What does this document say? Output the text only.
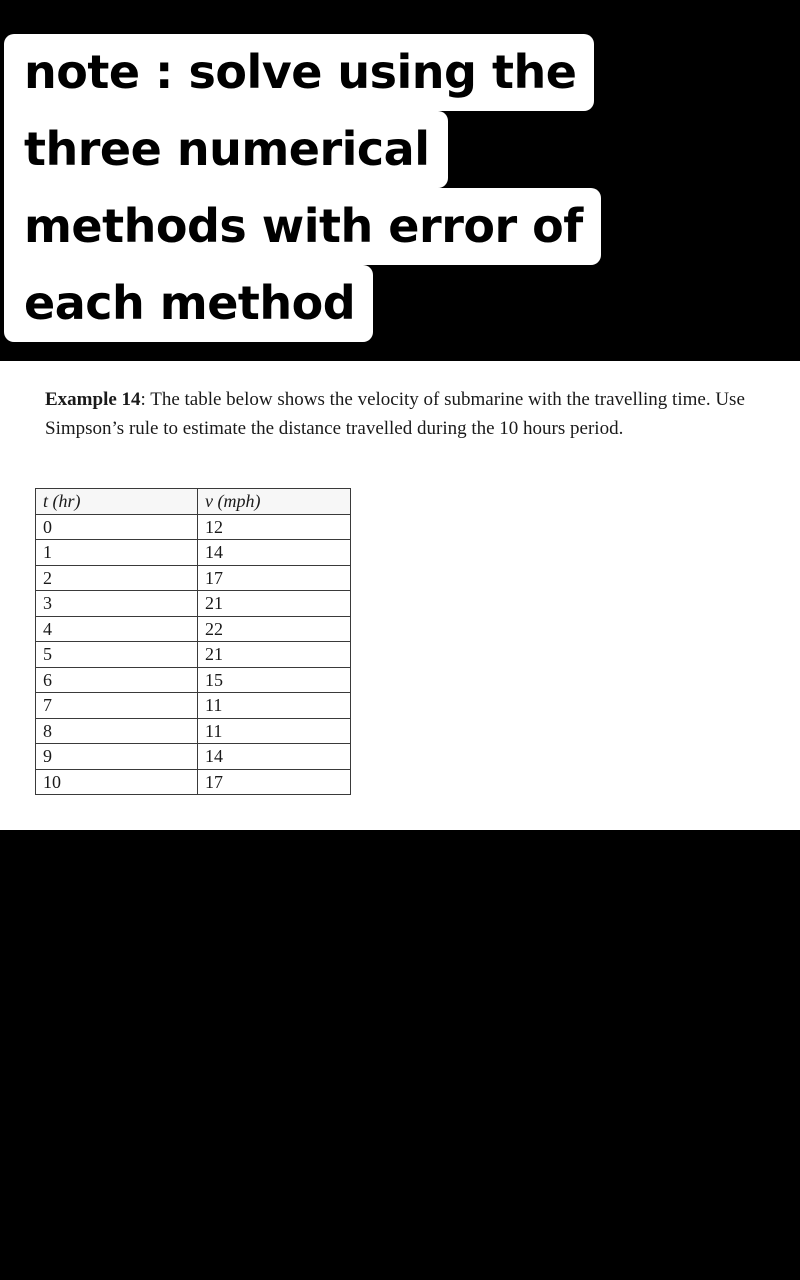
note : solve using the
three numerical
methods with error of
each method
Example 14: The table below shows the velocity of submarine with the travelling time. Use Simpson’s rule to estimate the distance travelled during the 10 hours period.
t (hr)	v (mph)
0	12
1	14
2	17
3	21
4	22
5	21
6	15
7	11
8	11
9	14
10	17
